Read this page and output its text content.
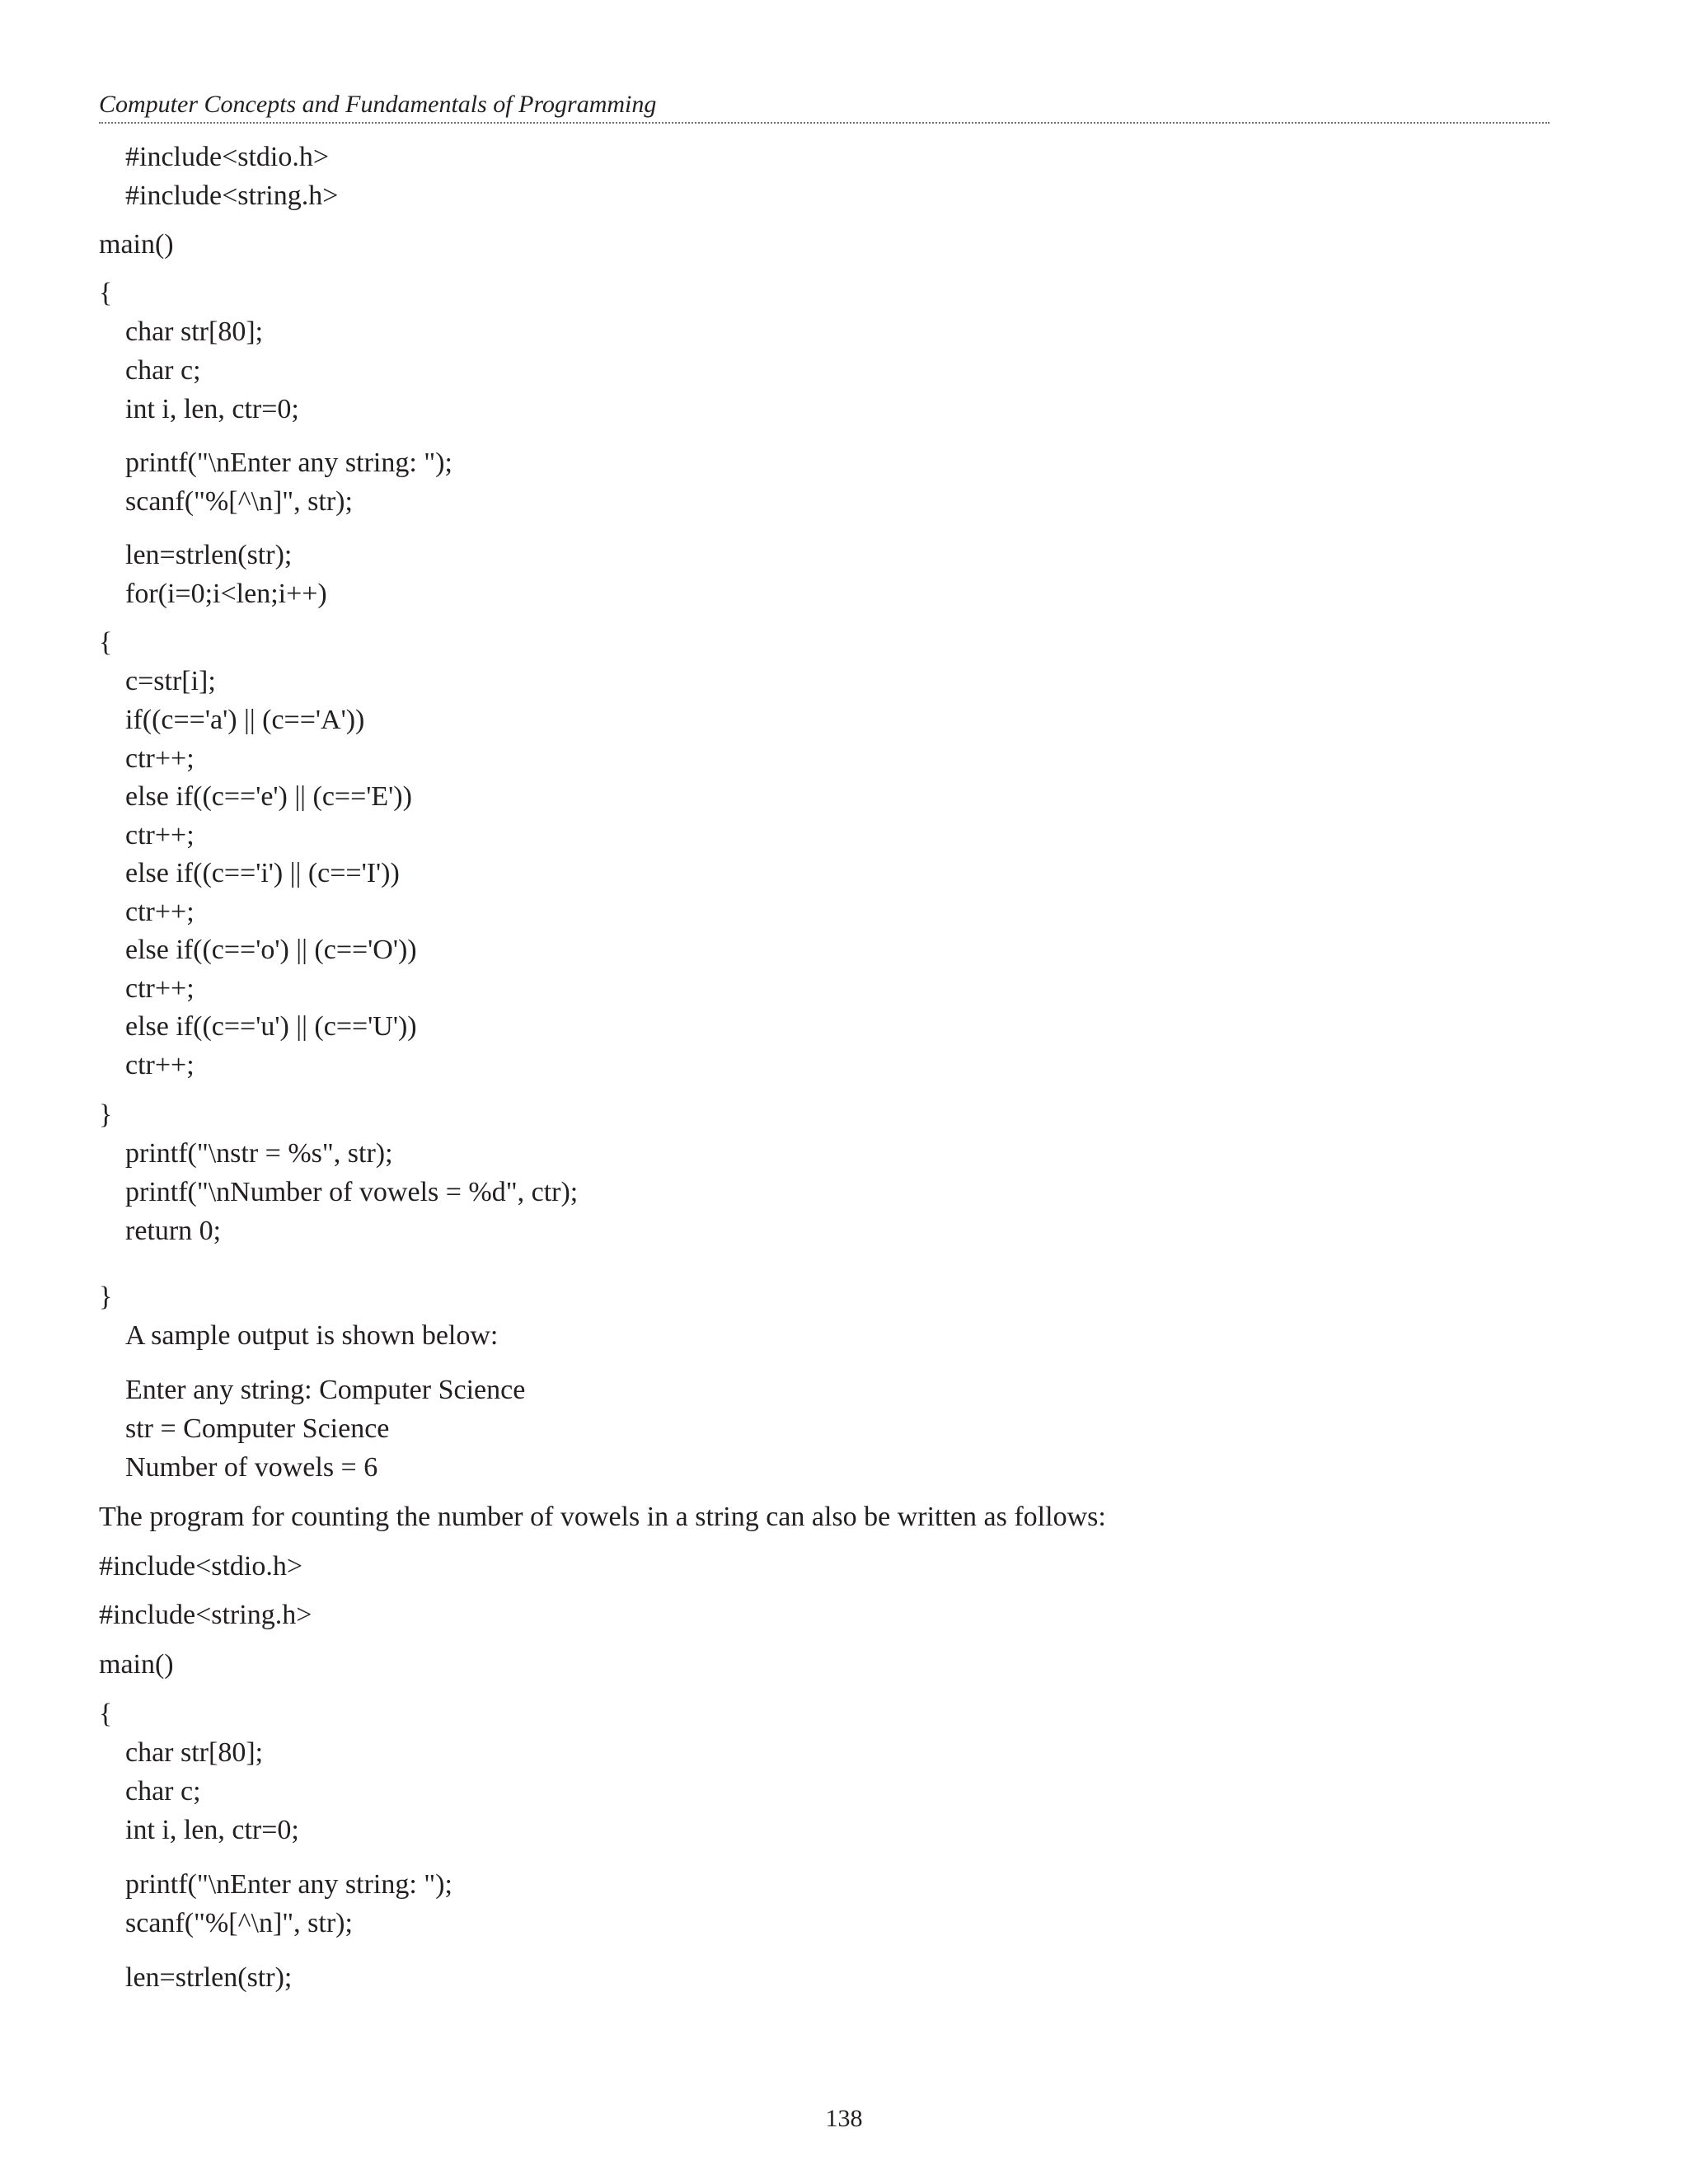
Computer Concepts and Fundamentals of Programming
#include<stdio.h>
#include<string.h>
main()
{
char str[80];
char c;
int i, len, ctr=0;
printf("\nEnter any string: ");
scanf("%[^\n]", str);
len=strlen(str);
for(i=0;i<len;i++)
{
c=str[i];
if((c=='a') || (c=='A'))
ctr++;
else if((c=='e') || (c=='E'))
ctr++;
else if((c=='i') || (c=='I'))
ctr++;
else if((c=='o') || (c=='O'))
ctr++;
else if((c=='u') || (c=='U'))
ctr++;
}
printf("\nstr = %s", str);
printf("\nNumber of vowels = %d", ctr);
return 0;
}
A sample output is shown below:
Enter any string: Computer Science
str = Computer Science
Number of vowels = 6
The program for counting the number of vowels in a string can also be written as follows:
#include<stdio.h>
#include<string.h>
main()
{
char str[80];
char c;
int i, len, ctr=0;
printf("\nEnter any string: ");
scanf("%[^\n]", str);
len=strlen(str);
138
